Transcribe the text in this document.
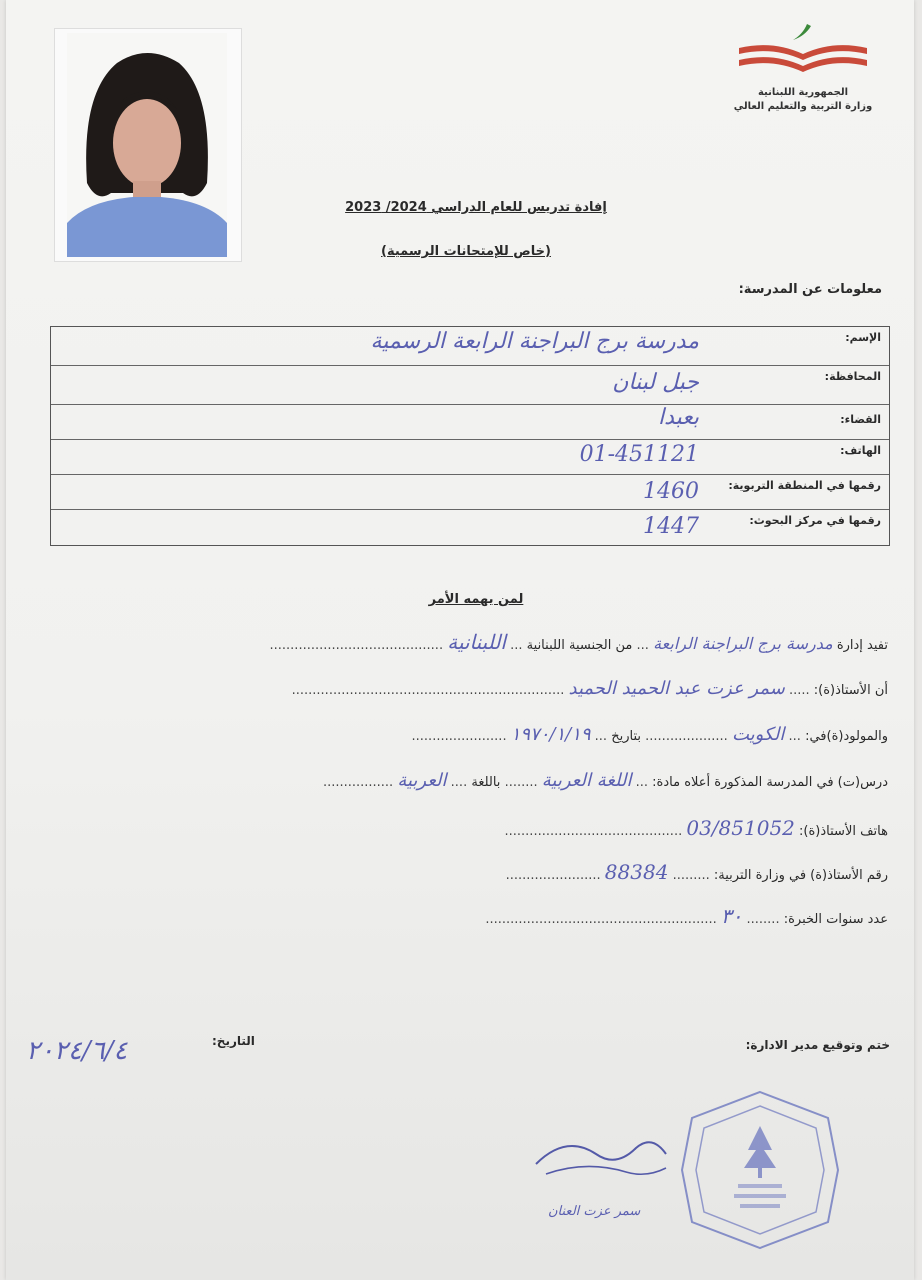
الجمهورية اللبنانية
وزارة التربية والتعليم العالي
إفادة تدريس للعام الدراسي 2024/ 2023
(خاص للإمتحانات الرسمية)
معلومات عن المدرسة:
الإسم:
مدرسة برج البراجنة الرابعة الرسمية
المحافظة:
جبل لبنان
القضاء:
بعبدا
الهاتف:
01-451121
رقمها في المنطقة التربوية:
1460
رقمها في مركز البحوث:
1447
لمن يهمه الأمر
تفيد إدارة مدرسة برج البراجنة الرابعة ... من الجنسية اللبنانية ... اللبنانية ..........................................
أن الأستاذ(ة): ..... سمر عزت عبد الحميد الحميد ..................................................................
والمولود(ة)في: ... الكويت .................... بتاريخ ... ١٩٧٠/١/١٩ .......................
درس(ت) في المدرسة المذكورة أعلاه مادة: ... اللغة العربية ........ باللغة .... العربية .................
هاتف الأستاذ(ة): 03/851052 ...........................................
رقم الأستاذ(ة) في وزارة التربية: ......... 88384 .......................
عدد سنوات الخبرة: ........ ٣٠ ........................................................
ختم وتوقيع مدير الادارة:
التاريخ:
٢٠٢٤/٦/٤
سمر عزت العنان
